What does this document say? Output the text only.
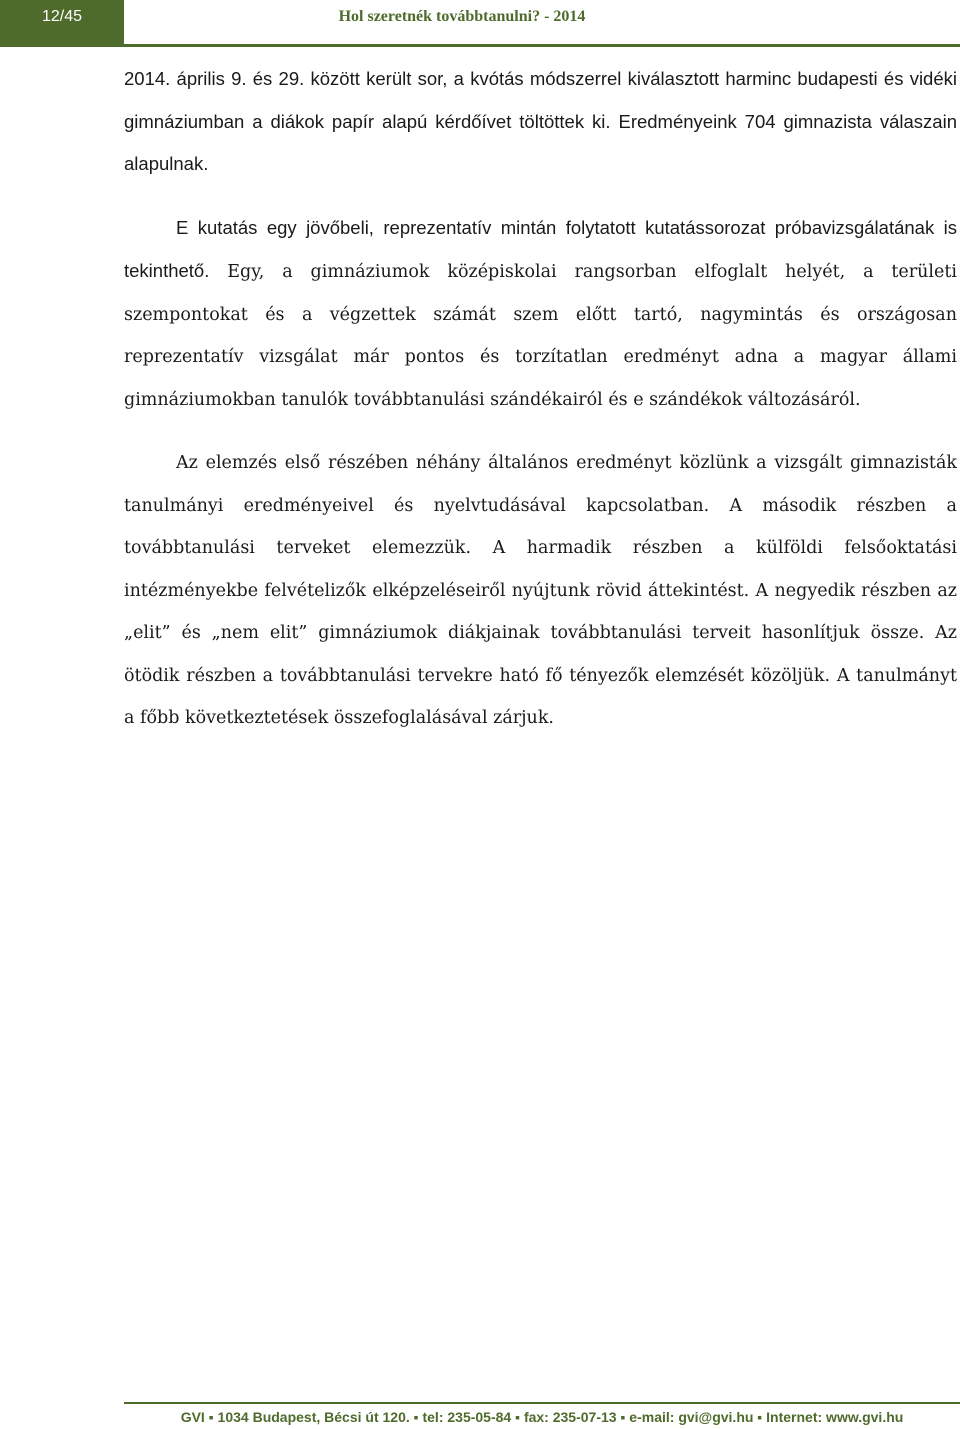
12/45	Hol szeretnék továbbtanulni? - 2014

2014. április 9. és 29. között került sor, a kvótás módszerrel kiválasztott harminc budapesti és vidéki gimnáziumban a diákok papír alapú kérdőívet töltöttek ki. Eredményeink 704 gimnazista válaszain alapulnak.

E kutatás egy jövőbeli, reprezentatív mintán folytatott kutatássorozat próbavizsgálatának is tekinthető. Egy, a gimnáziumok középiskolai rangsorban elfoglalt helyét, a területi szempontokat és a végzettek számát szem előtt tartó, nagymintás és országosan reprezentatív vizsgálat már pontos és torzítatlan eredményt adna a magyar állami gimnáziumokban tanulók továbbtanulási szándékairól és e szándékok változásáról.

Az elemzés első részében néhány általános eredményt közlünk a vizsgált gimnazisták tanulmányi eredményeivel és nyelvtudásával kapcsolatban. A második részben a továbbtanulási terveket elemezzük. A harmadik részben a külföldi felsőoktatási intézményekbe felvételizők elképzeléseiről nyújtunk rövid áttekintést. A negyedik részben az „elit” és „nem elit” gimnáziumok diákjainak továbbtanulási terveit hasonlítjuk össze. Az ötödik részben a továbbtanulási tervekre ható fő tényezők elemzését közöljük. A tanulmányt a főbb következtetések összefoglalásával zárjuk.

GVI ▪ 1034 Budapest, Bécsi út 120. ▪ tel: 235-05-84 ▪ fax: 235-07-13 ▪ e-mail: gvi@gvi.hu ▪ Internet: www.gvi.hu
